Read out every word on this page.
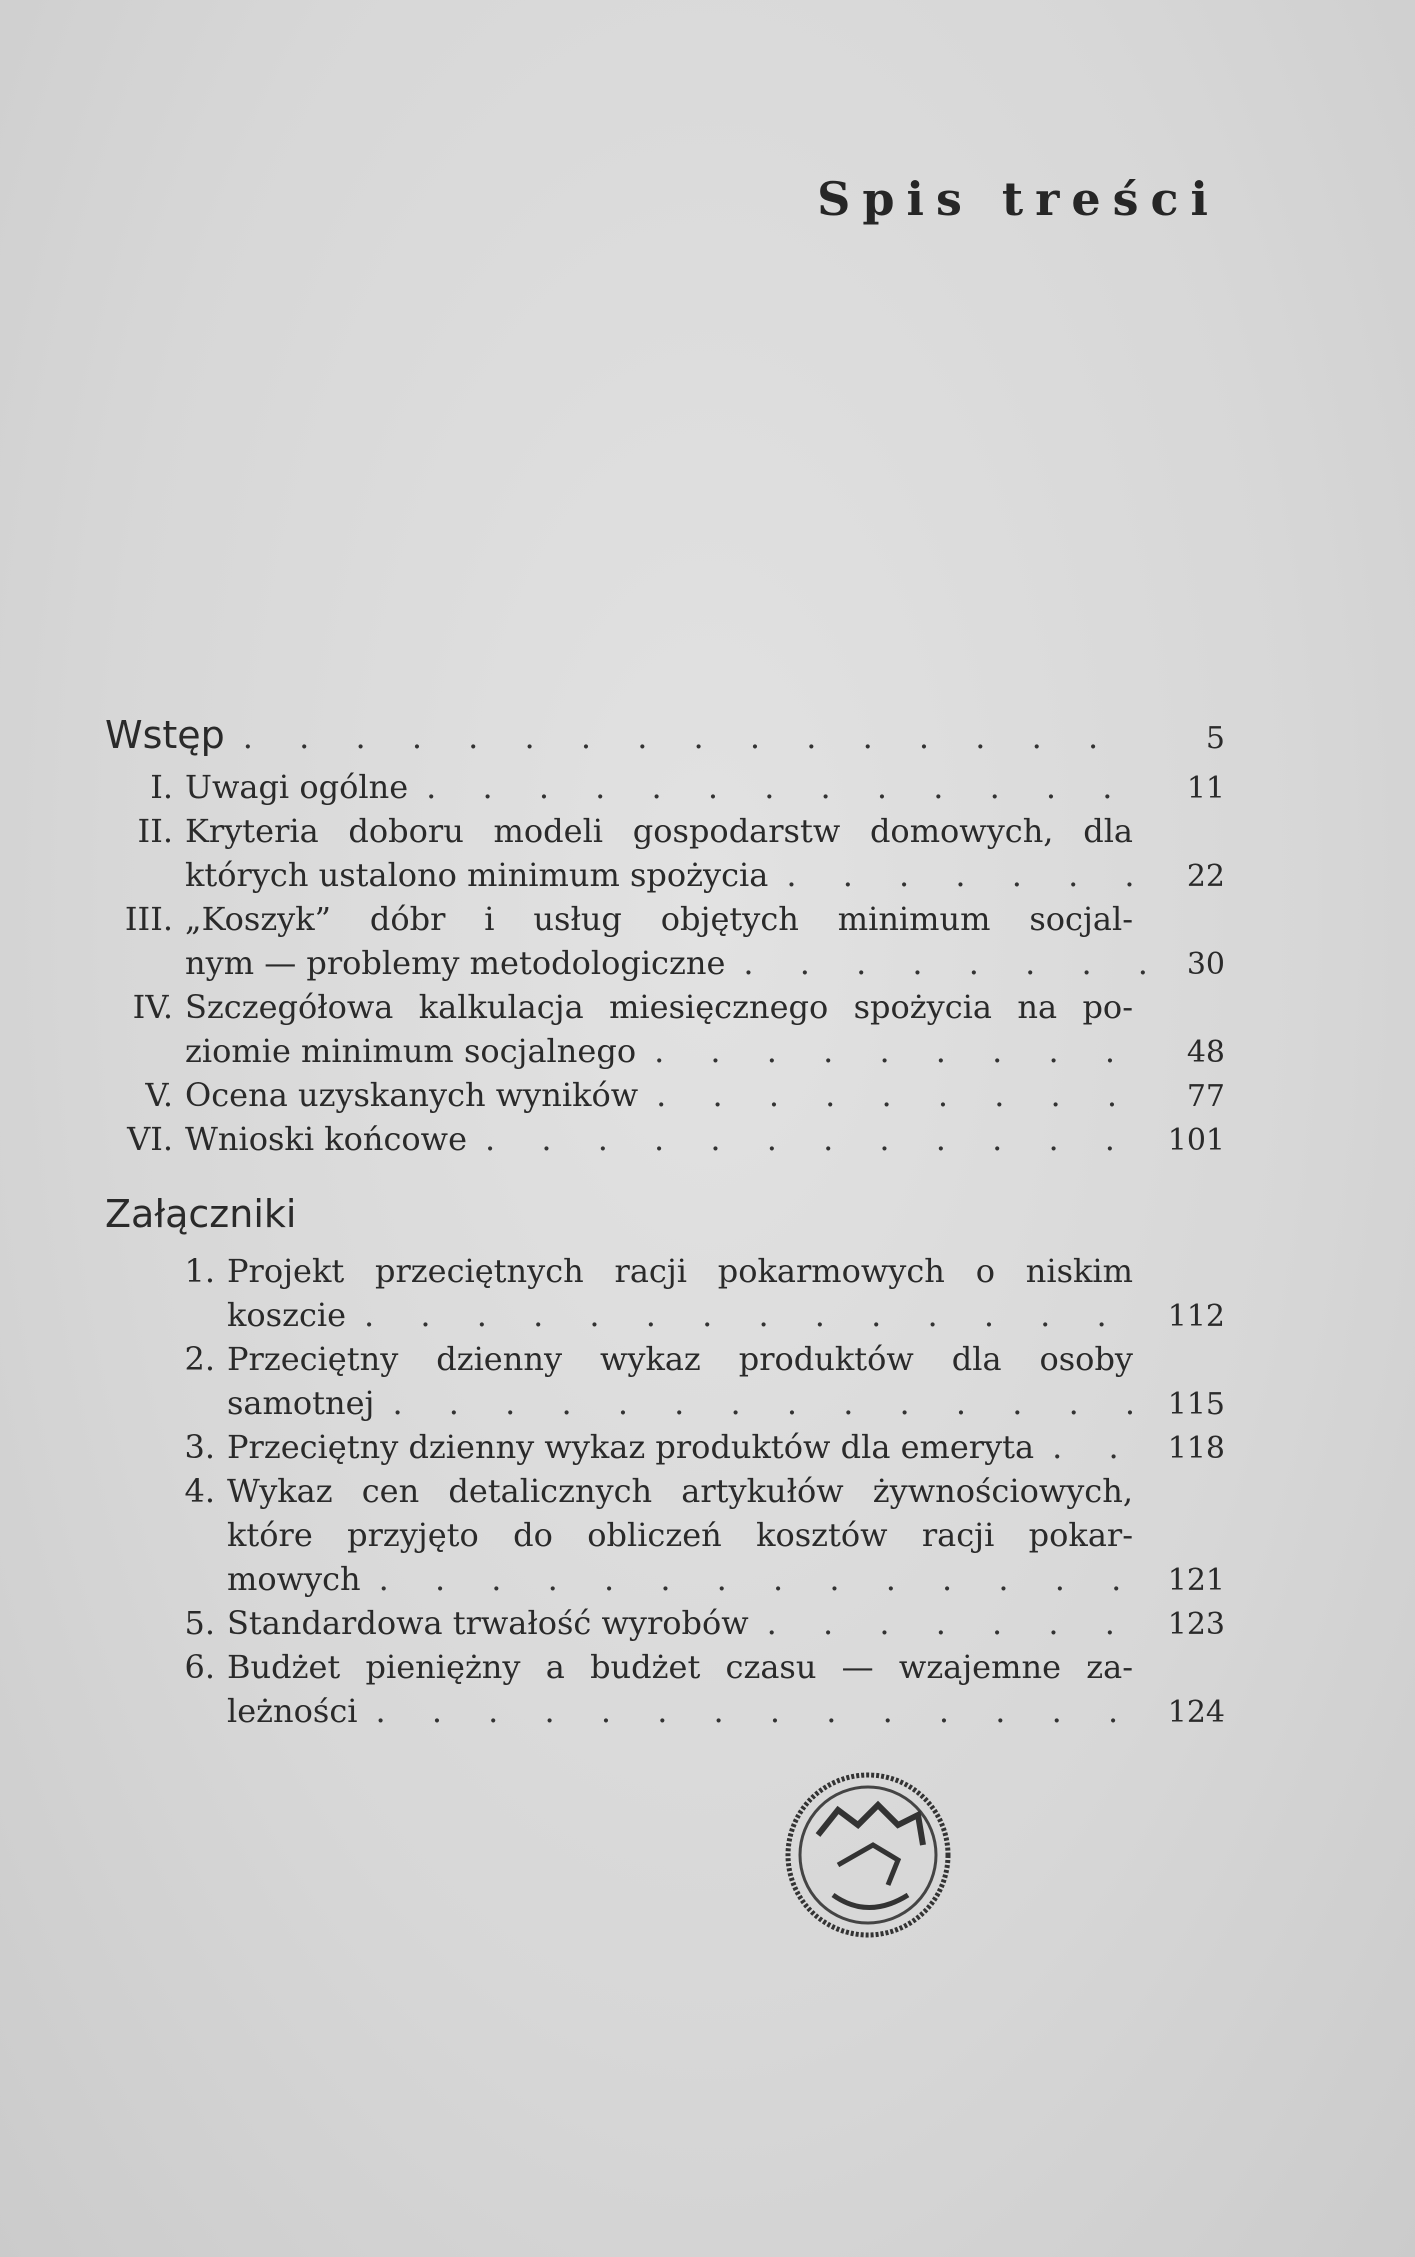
Spis treści
Wstęp . . .	5
I. Uwagi ogólne . . .	11
II. Kryteria doboru modeli gospodarstw domowych, dla
których ustalono minimum spożycia . . .	22
III. „Koszyk” dóbr i usług objętych minimum socjal-
nym — problemy metodologiczne . . .	30
IV. Szczegółowa kalkulacja miesięcznego spożycia na po-
ziomie minimum socjalnego . . .	48
V. Ocena uzyskanych wyników . . .	77
VI. Wnioski końcowe . . .	101
Załączniki
1. Projekt przeciętnych racji pokarmowych o niskim
koszcie . . .	112
2. Przeciętny dzienny wykaz produktów dla osoby
samotnej . . .	115
3. Przeciętny dzienny wykaz produktów dla emeryta . . .	118
4. Wykaz cen detalicznych artykułów żywnościowych,
które przyjęto do obliczeń kosztów racji pokar-
mowych . . .	121
5. Standardowa trwałość wyrobów . . .	123
6. Budżet pieniężny a budżet czasu — wzajemne za-
leżności . . .	124
